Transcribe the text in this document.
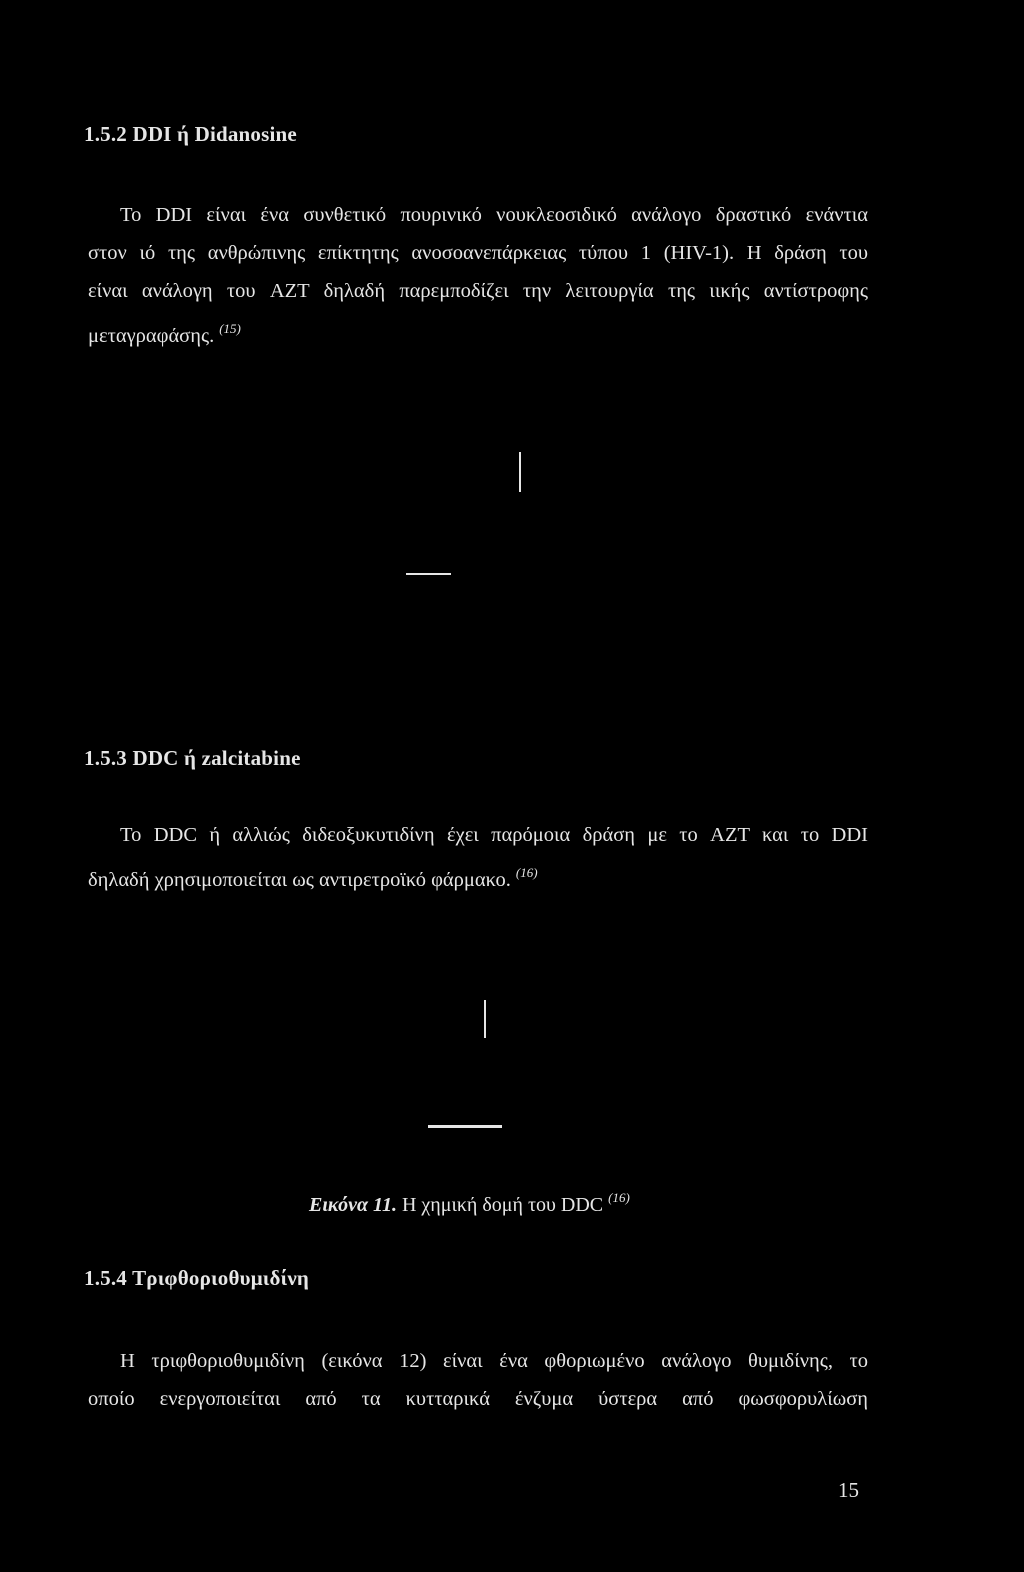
1.5.2 DDI ή Didanosine
Το DDI είναι ένα συνθετικό πουρινικό νουκλεοσιδικό ανάλογο δραστικό ενάντια
στον ιό της ανθρώπινης επίκτητης ανοσοανεπάρκειας τύπου 1 (HIV-1). Η δράση του
είναι ανάλογη του AZT δηλαδή παρεμποδίζει την λειτουργία της ιικής αντίστροφης
μεταγραφάσης. $^{(15)}$
1.5.3 DDC ή zalcitabine
Το DDC ή αλλιώς διδεοξυκυτιδίνη έχει παρόμοια δράση με το AZT και το DDI
δηλαδή χρησιμοποιείται ως αντιρετροϊκό φάρμακο. $^{(16)}$
Εικόνα 11. Η χημική δομή του DDC $^{(16)}$
1.5.4 Τριφθοριοθυμιδίνη
Η τριφθοριοθυμιδίνη (εικόνα 12) είναι ένα φθοριωμένο ανάλογο θυμιδίνης, το
οποίο ενεργοποιείται από τα κυτταρικά ένζυμα ύστερα από φωσφορυλίωση
15
